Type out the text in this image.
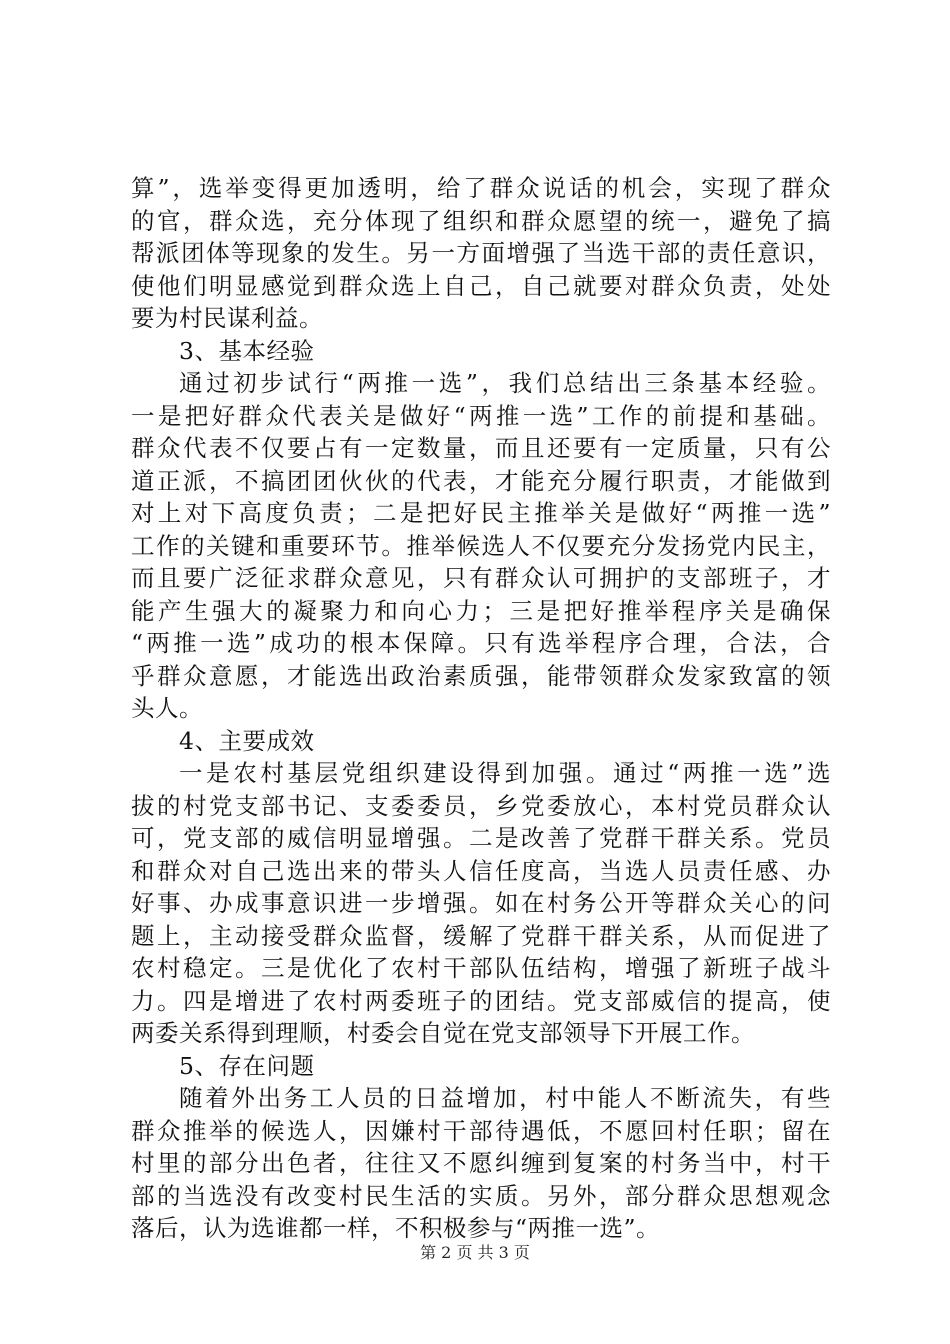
算”，选举变得更加透明，给了群众说话的机会，实现了群众
的官，群众选，充分体现了组织和群众愿望的统一，避免了搞
帮派团体等现象的发生。另一方面增强了当选干部的责任意识，
使他们明显感觉到群众选上自己，自己就要对群众负责，处处
要为村民谋利益。
3、基本经验
通过初步试行“两推一选”，我们总结出三条基本经验。
一是把好群众代表关是做好“两推一选”工作的前提和基础。
群众代表不仅要占有一定数量，而且还要有一定质量，只有公
道正派，不搞团团伙伙的代表，才能充分履行职责，才能做到
对上对下高度负责；二是把好民主推举关是做好“两推一选”
工作的关键和重要环节。推举候选人不仅要充分发扬党内民主，
而且要广泛征求群众意见，只有群众认可拥护的支部班子，才
能产生强大的凝聚力和向心力；三是把好推举程序关是确保
“两推一选”成功的根本保障。只有选举程序合理，合法，合
乎群众意愿，才能选出政治素质强，能带领群众发家致富的领
头人。
4、主要成效
一是农村基层党组织建设得到加强。通过“两推一选”选
拔的村党支部书记、支委委员，乡党委放心，本村党员群众认
可，党支部的威信明显增强。二是改善了党群干群关系。党员
和群众对自己选出来的带头人信任度高，当选人员责任感、办
好事、办成事意识进一步增强。如在村务公开等群众关心的问
题上，主动接受群众监督，缓解了党群干群关系，从而促进了
农村稳定。三是优化了农村干部队伍结构，增强了新班子战斗
力。四是增进了农村两委班子的团结。党支部威信的提高，使
两委关系得到理顺，村委会自觉在党支部领导下开展工作。
5、存在问题
随着外出务工人员的日益增加，村中能人不断流失，有些
群众推举的候选人，因嫌村干部待遇低，不愿回村任职；留在
村里的部分出色者，往往又不愿纠缠到复案的村务当中，村干
部的当选没有改变村民生活的实质。另外，部分群众思想观念
落后，认为选谁都一样，不积极参与“两推一选”。
第 2 页 共 3 页
